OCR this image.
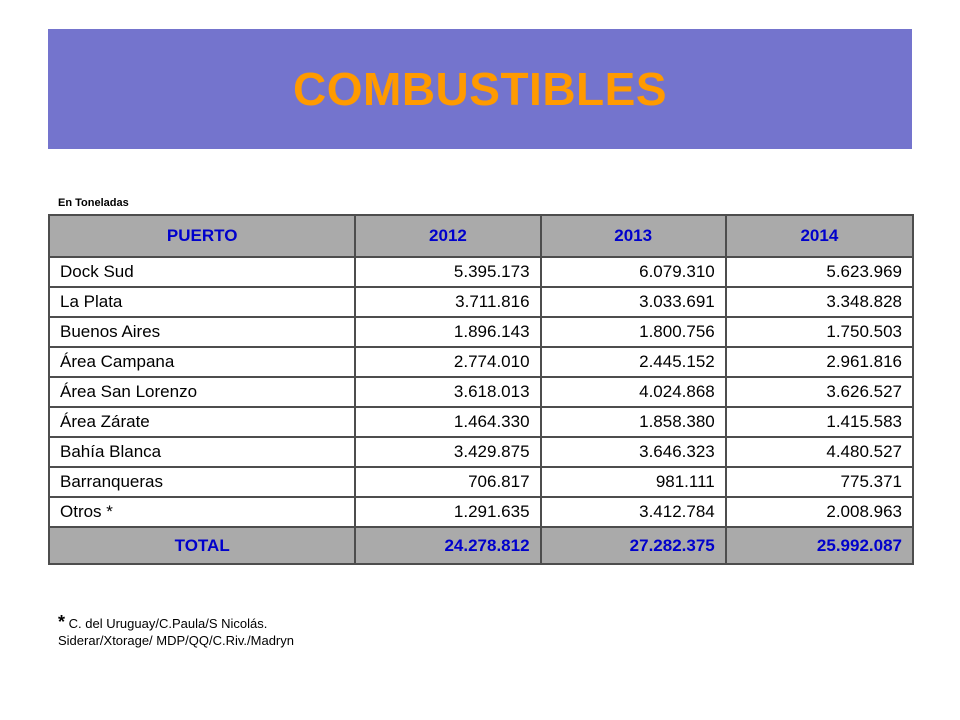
COMBUSTIBLES
En Toneladas
PUERTO	2012	2013	2014
Dock Sud	5.395.173	6.079.310	5.623.969
La Plata	3.711.816	3.033.691	3.348.828
Buenos Aires	1.896.143	1.800.756	1.750.503
Área Campana	2.774.010	2.445.152	2.961.816
Área San Lorenzo	3.618.013	4.024.868	3.626.527
Área Zárate	1.464.330	1.858.380	1.415.583
Bahía Blanca	3.429.875	3.646.323	4.480.527
Barranqueras	706.817	981.111	775.371
Otros *	1.291.635	3.412.784	2.008.963
TOTAL	24.278.812	27.282.375	25.992.087
* C. del Uruguay/C.Paula/S Nicolás. Siderar/Xtorage/ MDP/QQ/C.Riv./Madryn
